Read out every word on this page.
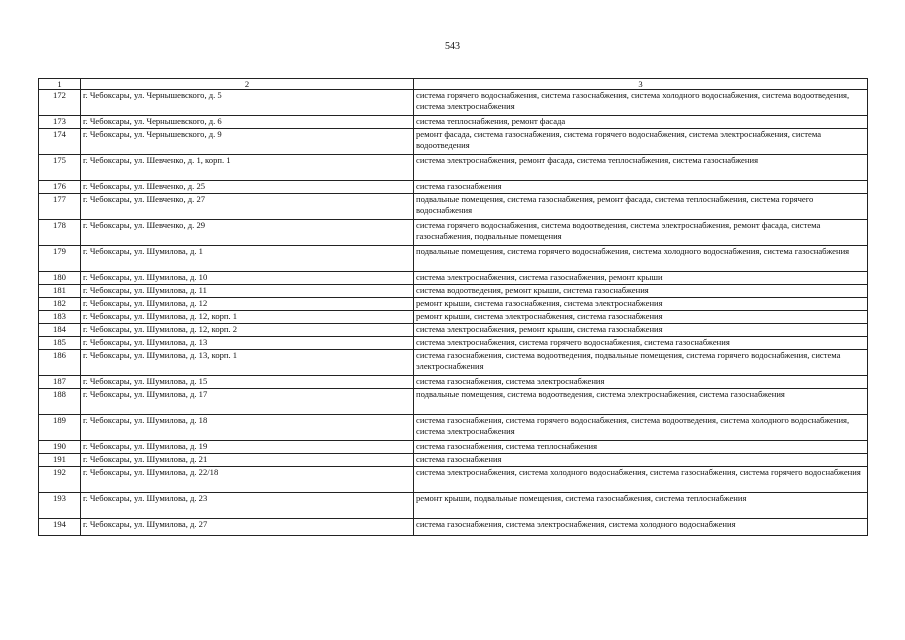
543
1	2	3
172	г. Чебоксары, ул. Чернышевского, д. 5	система горячего водоснабжения, система газоснабжения, система холодного водоснабжения, система водоотведения, система электроснабжения
173	г. Чебоксары, ул. Чернышевского, д. 6	система теплоснабжения, ремонт фасада
174	г. Чебоксары, ул. Чернышевского, д. 9	ремонт фасада, система газоснабжения, система горячего водоснабжения, система электроснабжения, система водоотведения
175	г. Чебоксары, ул. Шевченко, д. 1, корп. 1	система электроснабжения, ремонт фасада, система теплоснабжения, система газоснабжения
176	г. Чебоксары, ул. Шевченко, д. 25	система газоснабжения
177	г. Чебоксары, ул. Шевченко, д. 27	подвальные помещения, система газоснабжения, ремонт фасада, система теплоснабжения, система горячего водоснабжения
178	г. Чебоксары, ул. Шевченко, д. 29	система горячего водоснабжения, система водоотведения, система электроснабжения, ремонт фасада, система газоснабжения, подвальные помещения
179	г. Чебоксары, ул. Шумилова, д. 1	подвальные помещения, система горячего водоснабжения, система холодного водоснабжения, система газоснабжения
180	г. Чебоксары, ул. Шумилова, д. 10	система электроснабжения, система газоснабжения, ремонт крыши
181	г. Чебоксары, ул. Шумилова, д. 11	система водоотведения, ремонт крыши, система газоснабжения
182	г. Чебоксары, ул. Шумилова, д. 12	ремонт крыши, система газоснабжения, система электроснабжения
183	г. Чебоксары, ул. Шумилова, д. 12, корп. 1	ремонт крыши, система электроснабжения, система газоснабжения
184	г. Чебоксары, ул. Шумилова, д. 12, корп. 2	система электроснабжения, ремонт крыши, система газоснабжения
185	г. Чебоксары, ул. Шумилова, д. 13	система электроснабжения, система горячего водоснабжения, система газоснабжения
186	г. Чебоксары, ул. Шумилова, д. 13, корп. 1	система газоснабжения, система водоотведения, подвальные помещения, система горячего водоснабжения, система электроснабжения
187	г. Чебоксары, ул. Шумилова, д. 15	система газоснабжения, система электроснабжения
188	г. Чебоксары, ул. Шумилова, д. 17	подвальные помещения, система водоотведения, система электроснабжения, система газоснабжения
189	г. Чебоксары, ул. Шумилова, д. 18	система газоснабжения, система горячего водоснабжения, система водоотведения, система холодного водоснабжения, система электроснабжения
190	г. Чебоксары, ул. Шумилова, д. 19	система газоснабжения, система теплоснабжения
191	г. Чебоксары, ул. Шумилова, д. 21	система газоснабжения
192	г. Чебоксары, ул. Шумилова, д. 22/18	система электроснабжения, система холодного водоснабжения, система газоснабжения, система горячего водоснабжения
193	г. Чебоксары, ул. Шумилова, д. 23	ремонт крыши, подвальные помещения, система газоснабжения, система теплоснабжения
194	г. Чебоксары, ул. Шумилова, д. 27	система газоснабжения, система электроснабжения, система холодного водоснабжения
